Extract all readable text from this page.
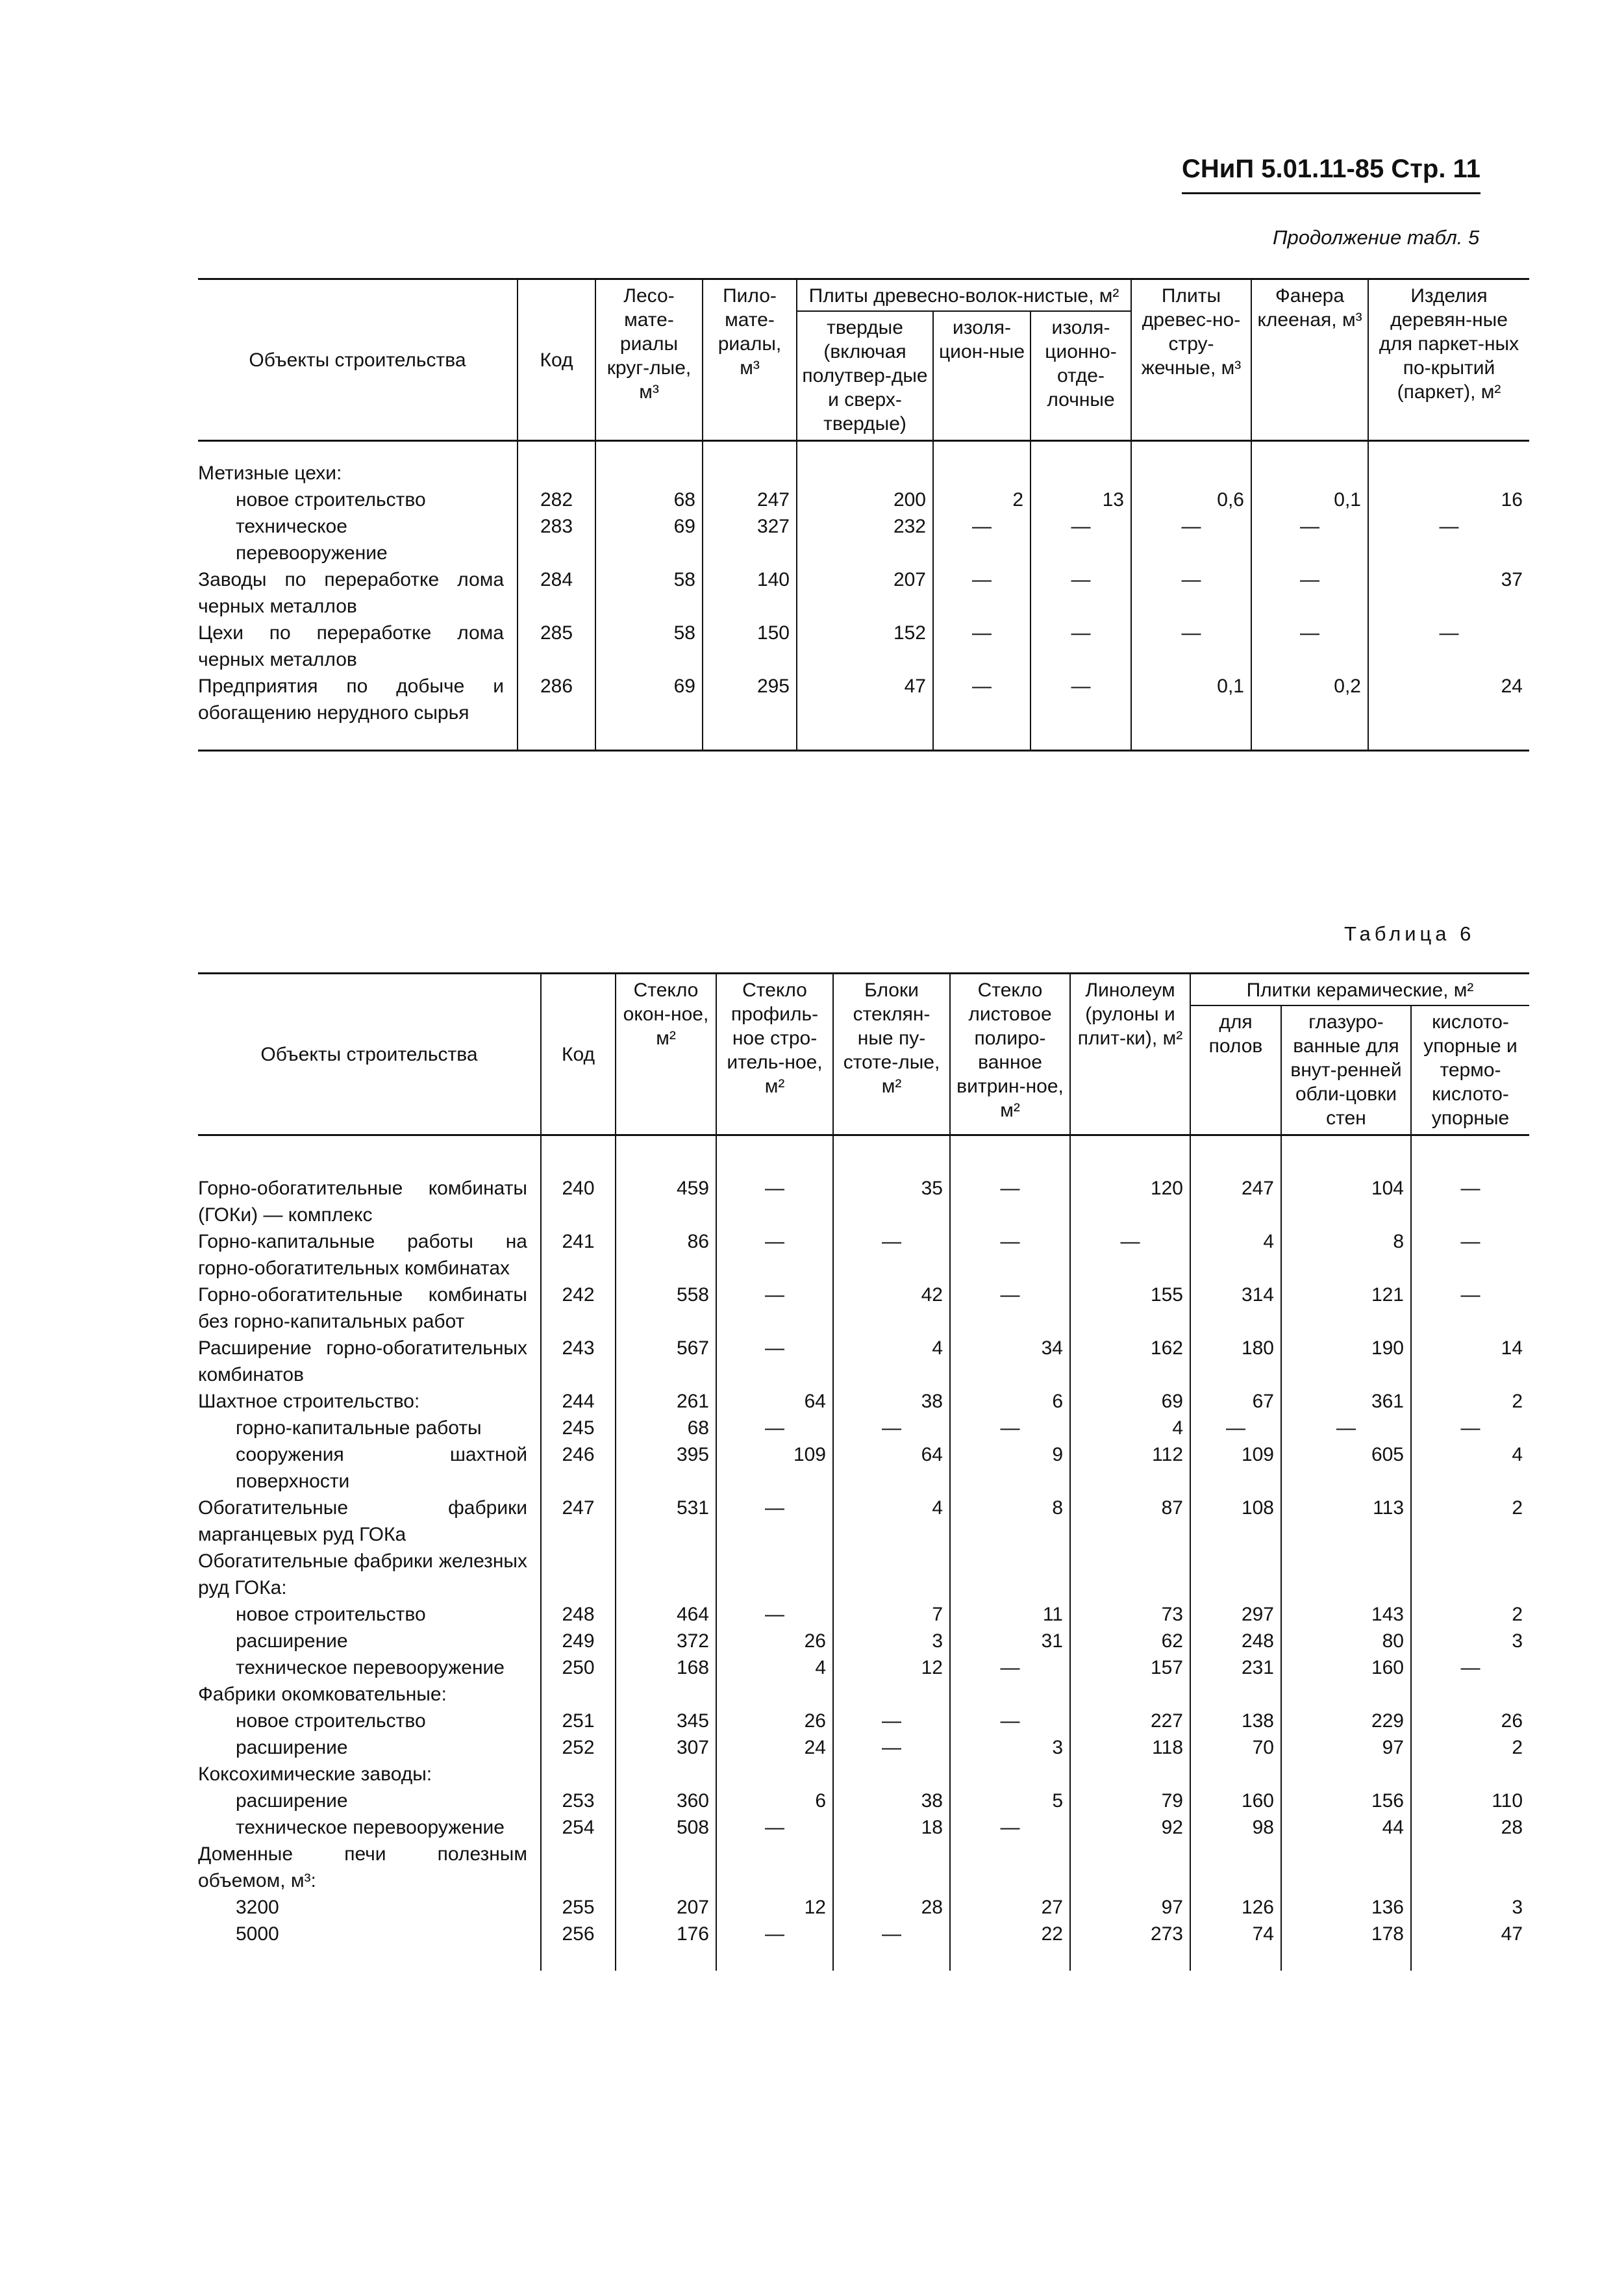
СНиП 5.01.11-85 Стр. 11
Продолжение табл. 5
Объекты строительства	Код	Лесо-мате-риалы круг-лые, м³	Пило-мате-риалы, м³	Плиты древесно-волок-нистые, м²			Плиты древес-но-стру-жечные, м³	Фанера клееная, м³	Изделия деревян-ные для паркет-ных по-крытий (паркет), м²
				твердые (включая полутвер-дые и сверх-твердые)	изоля-цион-ные	изоля-ционно-отде-лочные			
Метизные цехи:									
новое строительство	282	68	247	200	2	13	0,6	0,1	16
техническое перевооружение	283	69	327	232	—	—	—	—	—
Заводы по переработке лома черных металлов	284	58	140	207	—	—	—	—	37
Цехи по переработке лома черных металлов	285	58	150	152	—	—	—	—	—
Предприятия по добыче и обогащению нерудного сырья	286	69	295	47	—	—	0,1	0,2	24
Таблица 6
Объекты строительства	Код	Стекло окон-ное, м²	Стекло профиль-ное стро-итель-ное, м²	Блоки стеклян-ные пу-стоте-лые, м²	Стекло листовое полиро-ванное витрин-ное, м²	Линолеум (рулоны и плит-ки), м²	Плитки керамические, м²		
							для полов	глазуро-ванные для внут-ренней обли-цовки стен	кислото-упорные и термо-кислото-упорные
Горно-обогатительные комбинаты (ГОКи) — комплекс	240	459	—	35	—	120	247	104	—
Горно-капитальные работы на горно-обогатительных комбинатах	241	86	—	—	—	—	4	8	—
Горно-обогатительные комбинаты без горно-капитальных работ	242	558	—	42	—	155	314	121	—
Расширение горно-обогатительных комбинатов	243	567	—	4	34	162	180	190	14
Шахтное строительство:	244	261	64	38	6	69	67	361	2
горно-капитальные работы	245	68	—	—	—	4	—	—	—
сооружения шахтной поверхности	246	395	109	64	9	112	109	605	4
Обогатительные фабрики марганцевых руд ГОКа	247	531	—	4	8	87	108	113	2
Обогатительные фабрики железных руд ГОКа:									
новое строительство	248	464	—	7	11	73	297	143	2
расширение	249	372	26	3	31	62	248	80	3
техническое перевооружение	250	168	4	12	—	157	231	160	—
Фабрики окомковательные:									
новое строительство	251	345	26	—	—	227	138	229	26
расширение	252	307	24	—	3	118	70	97	2
Коксохимические заводы:									
расширение	253	360	6	38	5	79	160	156	110
техническое перевооружение	254	508	—	18	—	92	98	44	28
Доменные печи полезным объемом, м³:									
3200	255	207	12	28	27	97	126	136	3
5000	256	176	—	—	22	273	74	178	47
